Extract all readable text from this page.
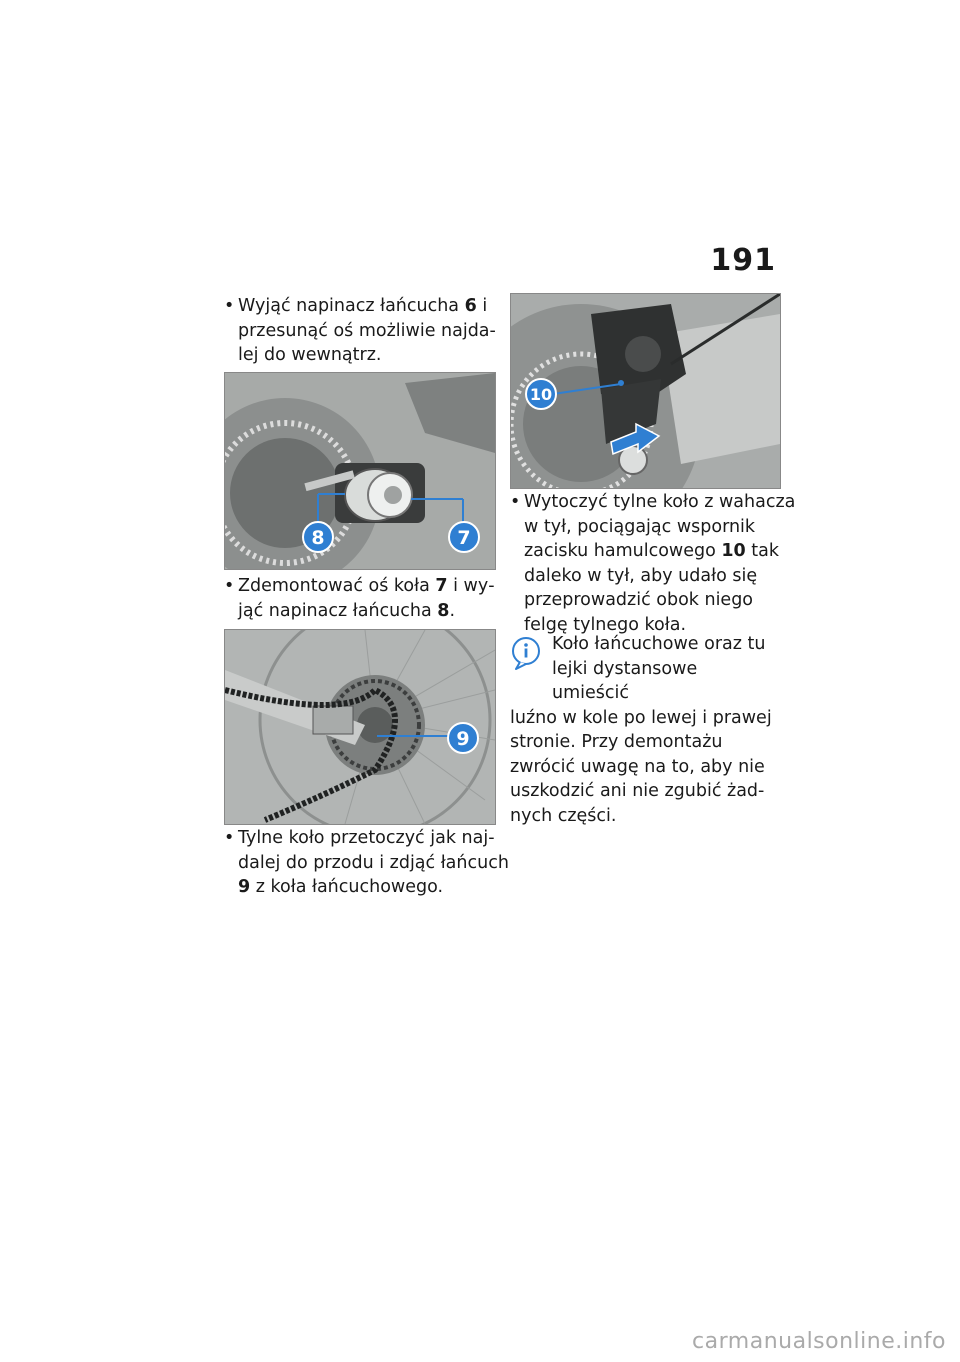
191

• Wyjąć napinacz łańcucha 6 i przesunąć oś możliwie najdalej do wewnątrz.

8	7

• Zdemontować oś koła 7 i wyjąć napinacz łańcucha 8.

9

• Tylne koło przetoczyć jak najdalej do przodu i zdjąć łańcuch 9 z koła łańcuchowego.

10

• Wytoczyć tylne koło z wahacza w tył, pociągając wspornik zacisku hamulcowego 10 tak daleko w tył, aby udało się przeprowadzić obok niego felgę tylnego koła.

Koło łańcuchowe oraz tu

lejki dystansowe umieścić

luźno w kole po lewej i prawej stronie. Przy demontażu zwrócić uwagę na to, aby nie uszkodzić ani nie zgubić żadnych części.

carmanualsonline.info
